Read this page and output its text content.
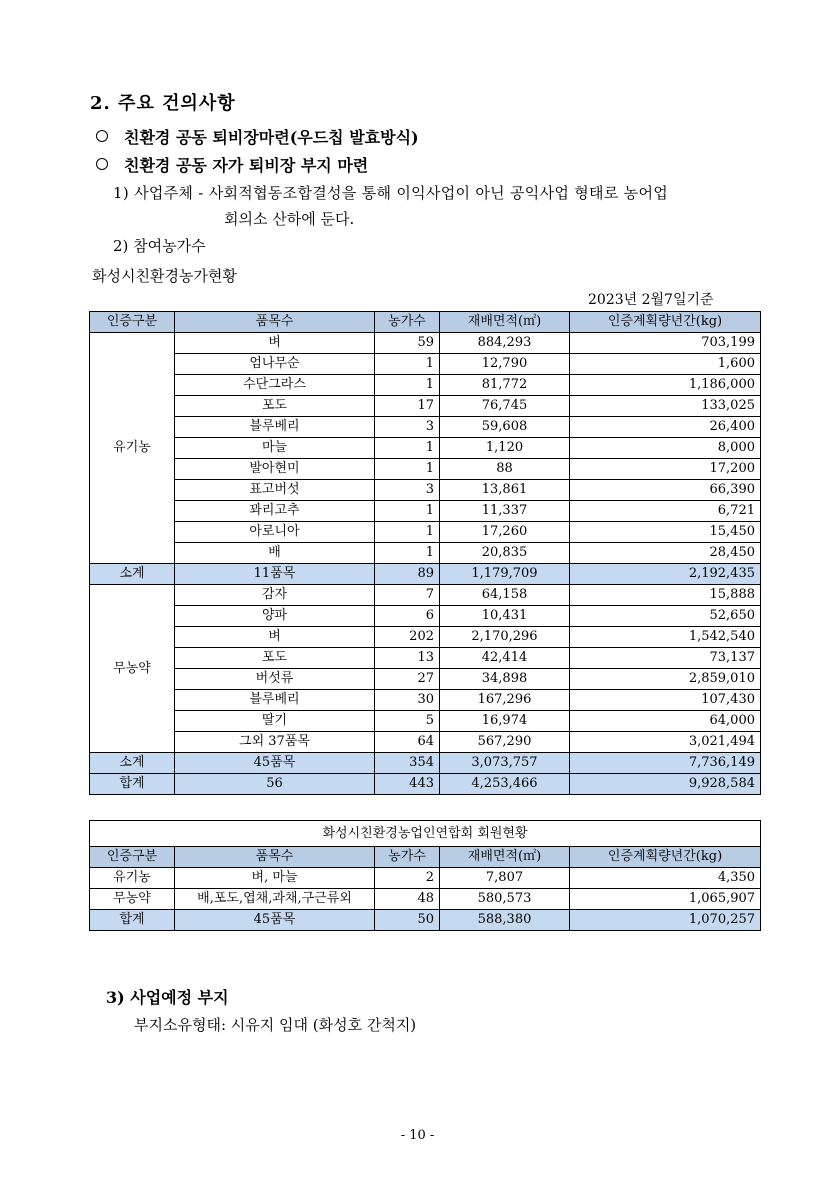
2. 주요 건의사항
친환경 공동 퇴비장마련(우드칩 발효방식)
친환경 공동 자가 퇴비장 부지 마련
1) 사업주체 - 사회적협동조합결성을 통해 이익사업이 아닌 공익사업 형태로 농어업
회의소 산하에 둔다.
2) 참여농가수
화성시친환경농가현황
2023년 2월7일기준
인증구분	품목수	농가수	재배면적(㎡)	인증계획량년간(kg)
유기농	벼	59	884,293	703,199
	엄나무순	1	12,790	1,600
	수단그라스	1	81,772	1,186,000
	포도	17	76,745	133,025
	블루베리	3	59,608	26,400
	마늘	1	1,120	8,000
	발아현미	1	88	17,200
	표고버섯	3	13,861	66,390
	꽈리고추	1	11,337	6,721
	아로니아	1	17,260	15,450
	배	1	20,835	28,450
소계	11품목	89	1,179,709	2,192,435
무농약	감자	7	64,158	15,888
	양파	6	10,431	52,650
	벼	202	2,170,296	1,542,540
	포도	13	42,414	73,137
	버섯류	27	34,898	2,859,010
	블루베리	30	167,296	107,430
	딸기	5	16,974	64,000
	그외 37품목	64	567,290	3,021,494
소계	45품목	354	3,073,757	7,736,149
합계	56	443	4,253,466	9,928,584
화성시친환경농업인연합회 회원현황				
인증구분	품목수	농가수	재배면적(㎡)	인증계획량년간(kg)
유기농	벼, 마늘	2	7,807	4,350
무농약	배,포도,엽채,과채,구근류외	48	580,573	1,065,907
합계	45품목	50	588,380	1,070,257
3) 사업예정 부지
부지소유형태: 시유지 임대 (화성호 간척지)
- 10 -
